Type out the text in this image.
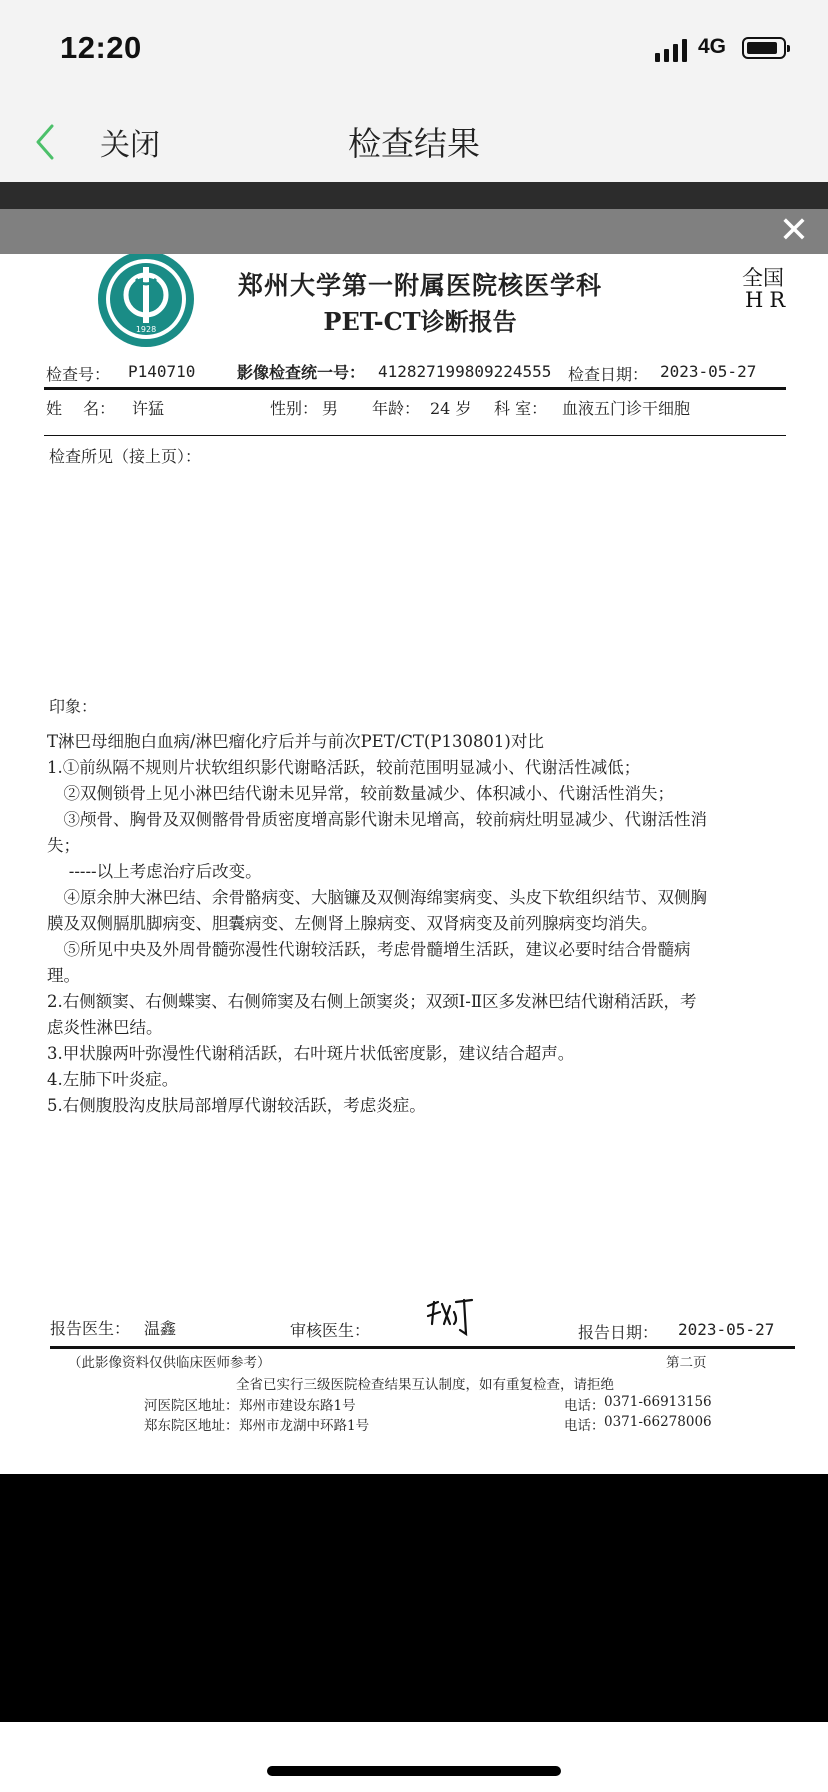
12:20	4G
检查结果
关闭
✕
1928
郑州大学第一附属医院核医学科
PET-CT诊断报告
全国
HR
检查号： P140710	影像检查统一号： 412827199809224555 检查日期： 2023-05-27
姓　 名： 许猛	性别： 男 年龄： 24 岁 科 室： 血液五门诊干细胞
检查所见（接上页）：
印象：
T淋巴母细胞白血病/淋巴瘤化疗后并与前次PET/CT(P130801)对比
1.①前纵隔不规则片状软组织影代谢略活跃，较前范围明显减小、代谢活性减低；
　②双侧锁骨上见小淋巴结代谢未见异常，较前数量减少、体积减小、代谢活性消失；
　③颅骨、胸骨及双侧髂骨骨质密度增高影代谢未见增高，较前病灶明显减少、代谢活性消
失；
　 -----以上考虑治疗后改变。
　④原余肿大淋巴结、余骨骼病变、大脑镰及双侧海绵窦病变、头皮下软组织结节、双侧胸
膜及双侧膈肌脚病变、胆囊病变、左侧肾上腺病变、双肾病变及前列腺病变均消失。
　⑤所见中央及外周骨髓弥漫性代谢较活跃，考虑骨髓增生活跃，建议必要时结合骨髓病
理。
2.右侧额窦、右侧蝶窦、右侧筛窦及右侧上颌窦炎；双颈Ⅰ-Ⅱ区多发淋巴结代谢稍活跃，考
虑炎性淋巴结。
3.甲状腺两叶弥漫性代谢稍活跃，右叶斑片状低密度影，建议结合超声。
4.左肺下叶炎症。
5.右侧腹股沟皮肤局部增厚代谢较活跃，考虑炎症。
报告医生： 温鑫	审核医生：	报告日期： 2023-05-27
（此影像资料仅供临床医师参考）	第二页
全省已实行三级医院检查结果互认制度，如有重复检查，请拒绝
河医院区地址： 郑州市建设东路1号	电话： 0371-66913156
郑东院区地址： 郑州市龙湖中环路1号	电话： 0371-66278006
